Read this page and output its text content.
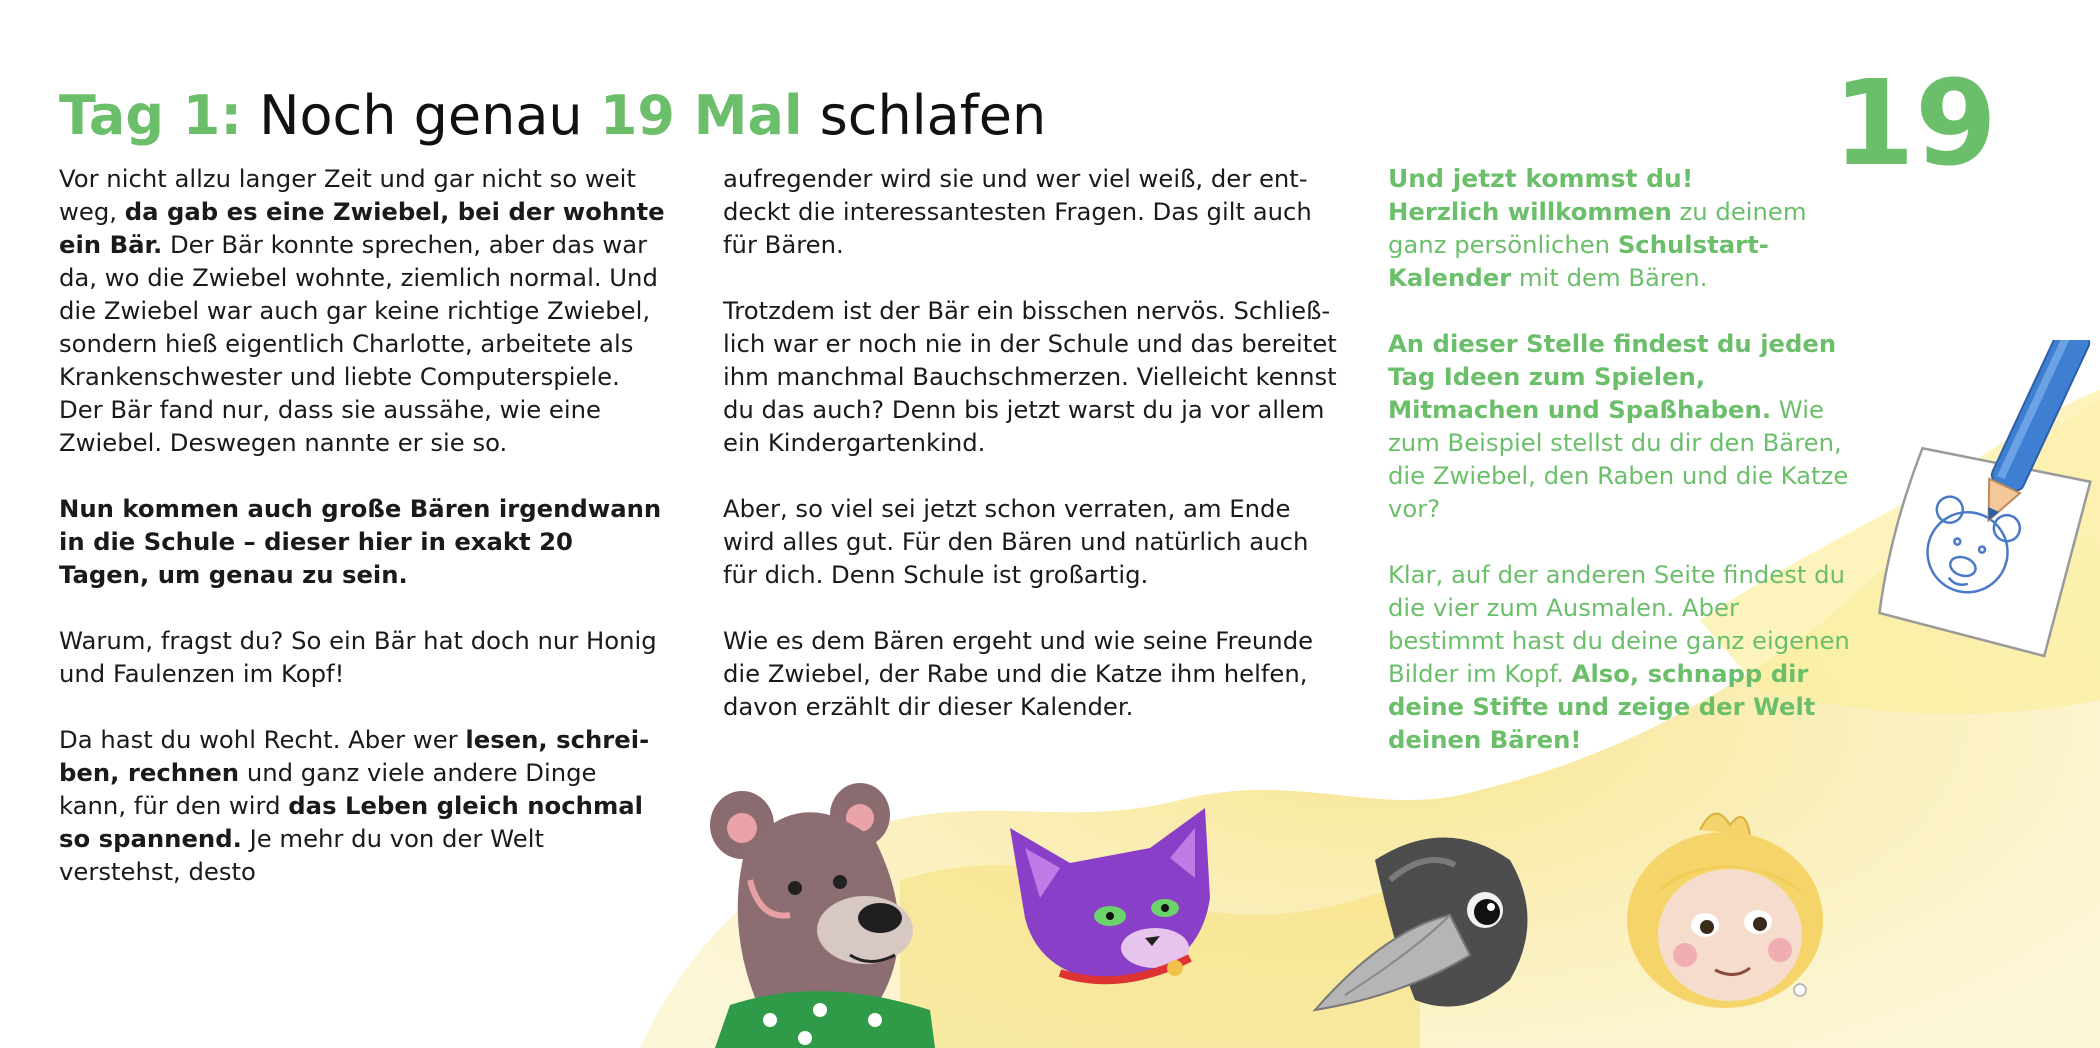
Tag 1: Noch genau 19 Mal schlafen	19

Vor nicht allzu langer Zeit und gar nicht so weit weg, da gab es eine Zwiebel, bei der wohnte ein Bär. Der Bär konnte sprechen, aber das war da, wo die Zwiebel wohnte, ziemlich normal. Und die Zwiebel war auch gar keine richtige Zwiebel, sondern hieß eigentlich Charlotte, arbeitete als Krankenschwester und liebte Computerspiele. Der Bär fand nur, dass sie aussähe, wie eine Zwiebel. Deswegen nannte er sie so.

Nun kommen auch große Bären irgendwann in die Schule – dieser hier in exakt 20 Tagen, um genau zu sein.

Warum, fragst du? So ein Bär hat doch nur Honig und Faulenzen im Kopf!

Da hast du wohl Recht. Aber wer lesen, schreiben, rechnen und ganz viele andere Dinge kann, für den wird das Leben gleich nochmal so spannend. Je mehr du von der Welt verstehst, desto

aufregender wird sie und wer viel weiß, der entdeckt die interessantesten Fragen. Das gilt auch für Bären.

Trotzdem ist der Bär ein bisschen nervös. Schließlich war er noch nie in der Schule und das bereitet ihm manchmal Bauchschmerzen. Vielleicht kennst du das auch? Denn bis jetzt warst du ja vor allem ein Kindergartenkind.

Aber, so viel sei jetzt schon verraten, am Ende wird alles gut. Für den Bären und natürlich auch für dich. Denn Schule ist großartig.

Wie es dem Bären ergeht und wie seine Freunde die Zwiebel, der Rabe und die Katze ihm helfen, davon erzählt dir dieser Kalender.

Und jetzt kommst du!

Herzlich willkommen zu deinem ganz persönlichen Schulstart-Kalender mit dem Bären.

An dieser Stelle findest du jeden Tag Ideen zum Spielen, Mitmachen und Spaßhaben. Wie zum Beispiel stellst du dir den Bären, die Zwiebel, den Raben und die Katze vor?

Klar, auf der anderen Seite findest du die vier zum Ausmalen. Aber bestimmt hast du deine ganz eigenen Bilder im Kopf. Also, schnapp dir deine Stifte und zeige der Welt deinen Bären!
